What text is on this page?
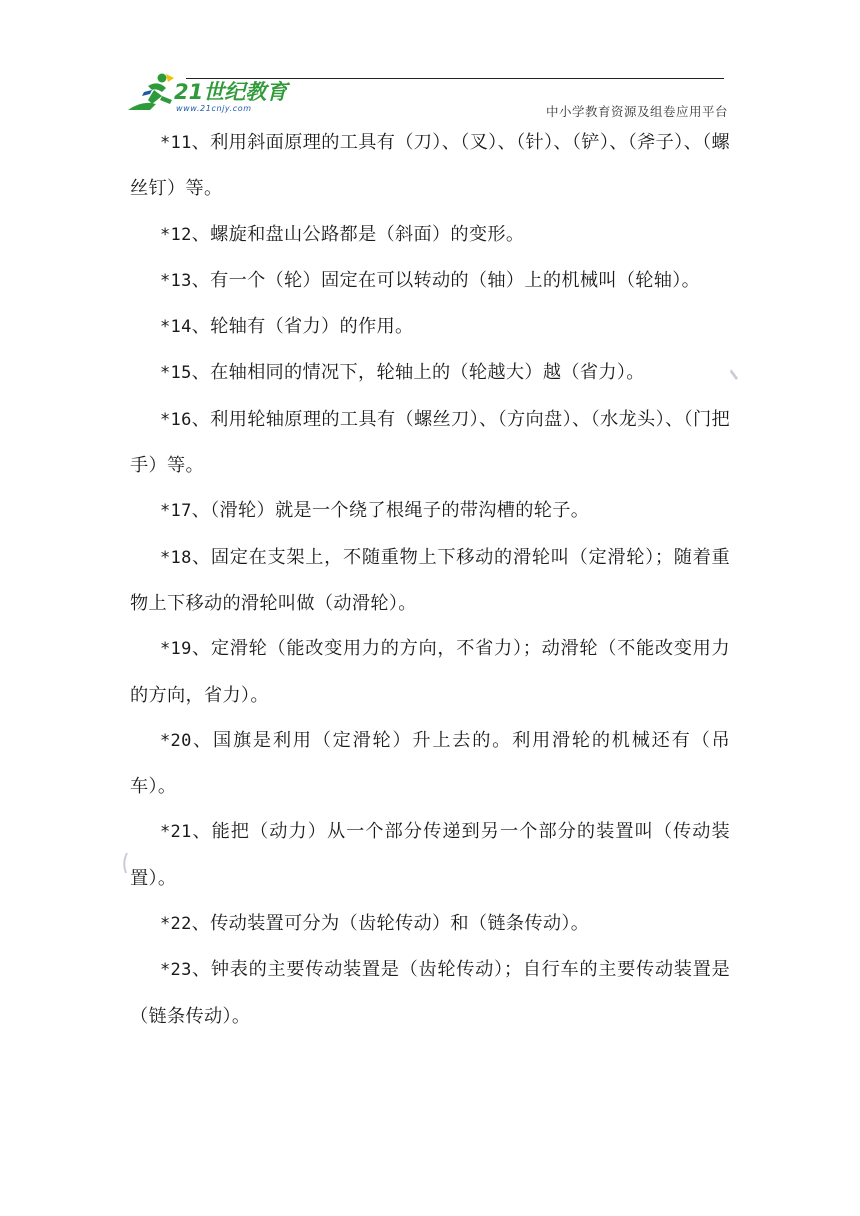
21世纪教育
www.21cnjy.com	中小学教育资源及组卷应用平台

*11、利用斜面原理的工具有（刀）、（叉）、（针）、（铲）、（斧子）、（螺丝钉）等。

*12、螺旋和盘山公路都是（斜面）的变形。

*13、有一个（轮）固定在可以转动的（轴）上的机械叫（轮轴）。

*14、轮轴有（省力）的作用。

*15、在轴相同的情况下，轮轴上的（轮越大）越（省力）。

*16、利用轮轴原理的工具有（螺丝刀）、（方向盘）、（水龙头）、（门把手）等。

*17、（滑轮）就是一个绕了根绳子的带沟槽的轮子。

*18、固定在支架上，不随重物上下移动的滑轮叫（定滑轮）；随着重物上下移动的滑轮叫做（动滑轮）。

*19、定滑轮（能改变用力的方向，不省力）；动滑轮（不能改变用力的方向，省力）。

*20、国旗是利用（定滑轮）升上去的。利用滑轮的机械还有（吊车）。

*21、能把（动力）从一个部分传递到另一个部分的装置叫（传动装置）。

*22、传动装置可分为（齿轮传动）和（链条传动）。

*23、钟表的主要传动装置是（齿轮传动）；自行车的主要传动装置是（链条传动）。
